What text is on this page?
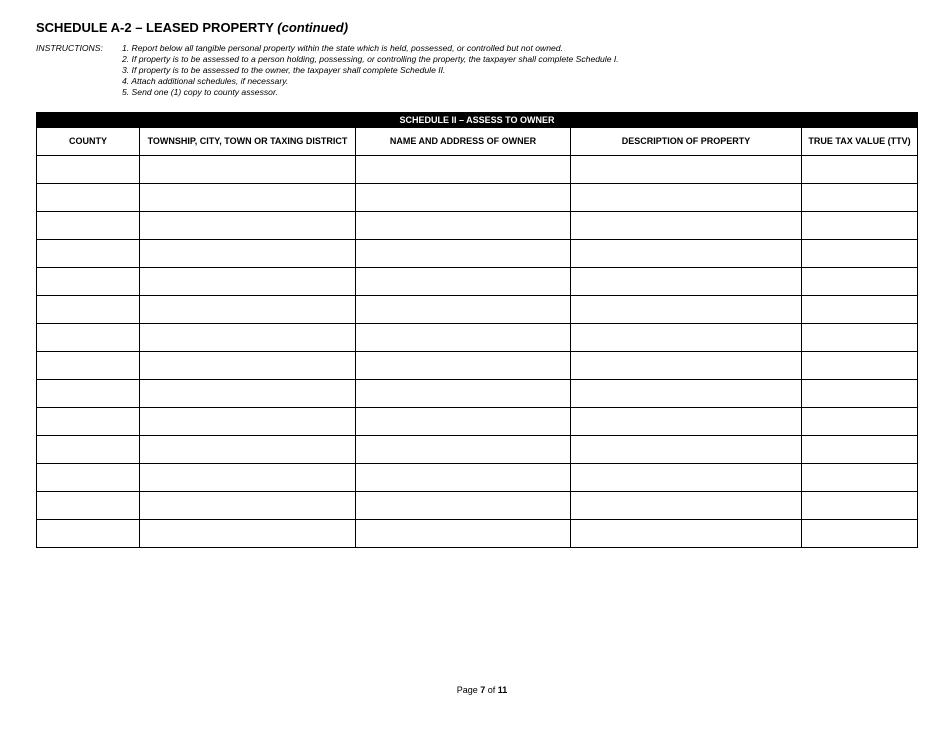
SCHEDULE A-2 – LEASED PROPERTY (continued)
INSTRUCTIONS: 1. Report below all tangible personal property within the state which is held, possessed, or controlled but not owned.
2. If property is to be assessed to a person holding, possessing, or controlling the property, the taxpayer shall complete Schedule I.
3. If property is to be assessed to the owner, the taxpayer shall complete Schedule II.
4. Attach additional schedules, if necessary.
5. Send one (1) copy to county assessor.
SCHEDULE II – ASSESS TO OWNER				
COUNTY	TOWNSHIP, CITY, TOWN OR TAXING DISTRICT	NAME AND ADDRESS OF OWNER	DESCRIPTION OF PROPERTY	TRUE TAX VALUE (TTV)

Page 7 of 11
